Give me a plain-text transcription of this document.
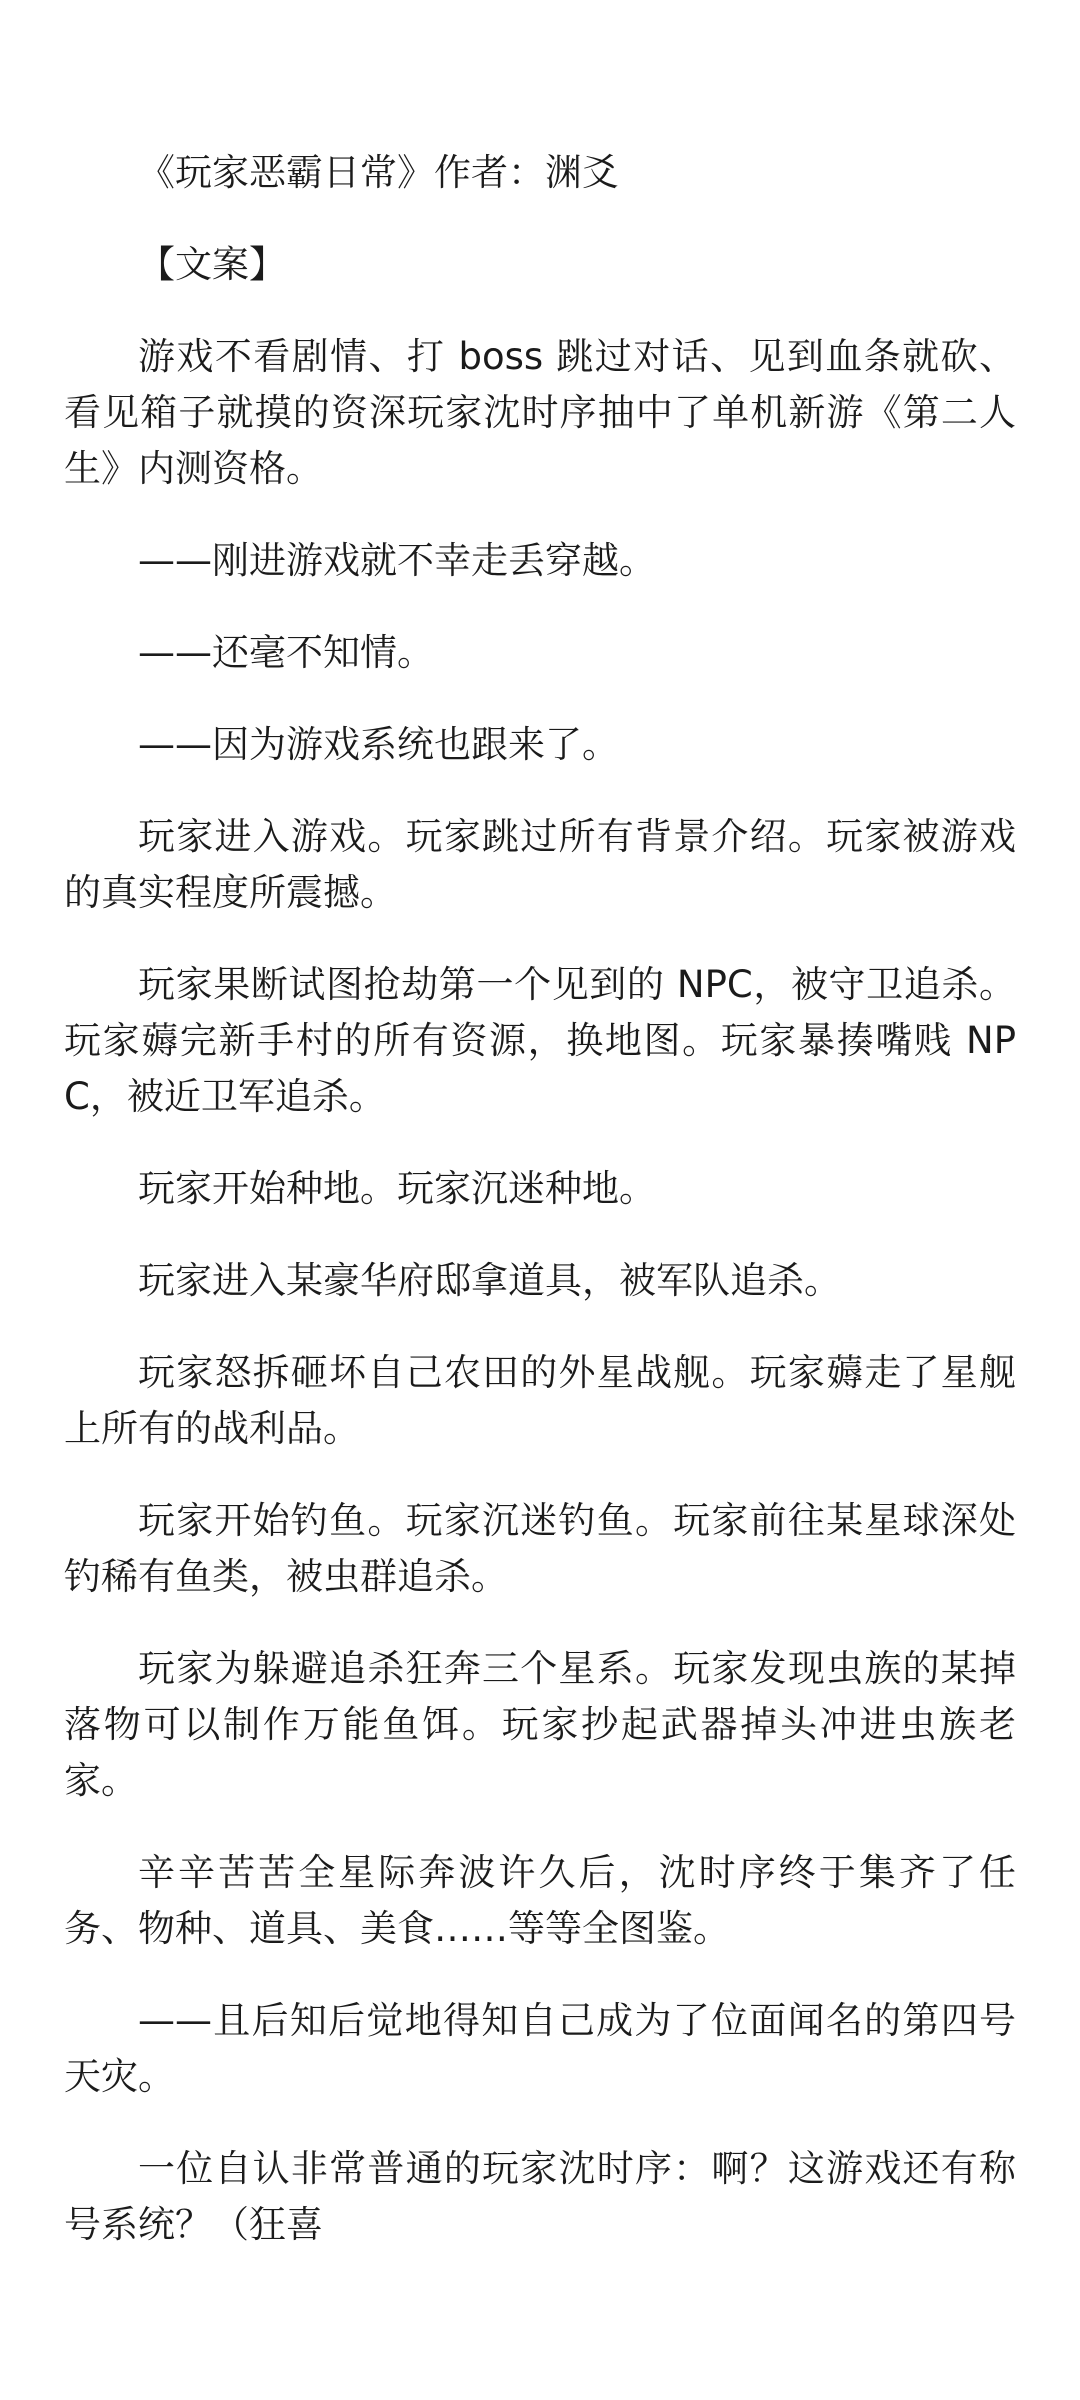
《玩家恶霸日常》作者：渊爻

【文案】

游戏不看剧情、打 boss 跳过对话、见到血条就砍、看见箱子就摸的资深玩家沈时序抽中了单机新游《第二人生》内测资格。

——刚进游戏就不幸走丢穿越。

——还毫不知情。

——因为游戏系统也跟来了。

玩家进入游戏。玩家跳过所有背景介绍。玩家被游戏的真实程度所震撼。

玩家果断试图抢劫第一个见到的 NPC，被守卫追杀。玩家薅完新手村的所有资源，换地图。玩家暴揍嘴贱 NPC，被近卫军追杀。

玩家开始种地。玩家沉迷种地。

玩家进入某豪华府邸拿道具，被军队追杀。

玩家怒拆砸坏自己农田的外星战舰。玩家薅走了星舰上所有的战利品。

玩家开始钓鱼。玩家沉迷钓鱼。玩家前往某星球深处钓稀有鱼类，被虫群追杀。

玩家为躲避追杀狂奔三个星系。玩家发现虫族的某掉落物可以制作万能鱼饵。玩家抄起武器掉头冲进虫族老家。

辛辛苦苦全星际奔波许久后，沈时序终于集齐了任务、物种、道具、美食……等等全图鉴。

——且后知后觉地得知自己成为了位面闻名的第四号天灾。

一位自认非常普通的玩家沈时序：啊？这游戏还有称号系统？（狂喜
